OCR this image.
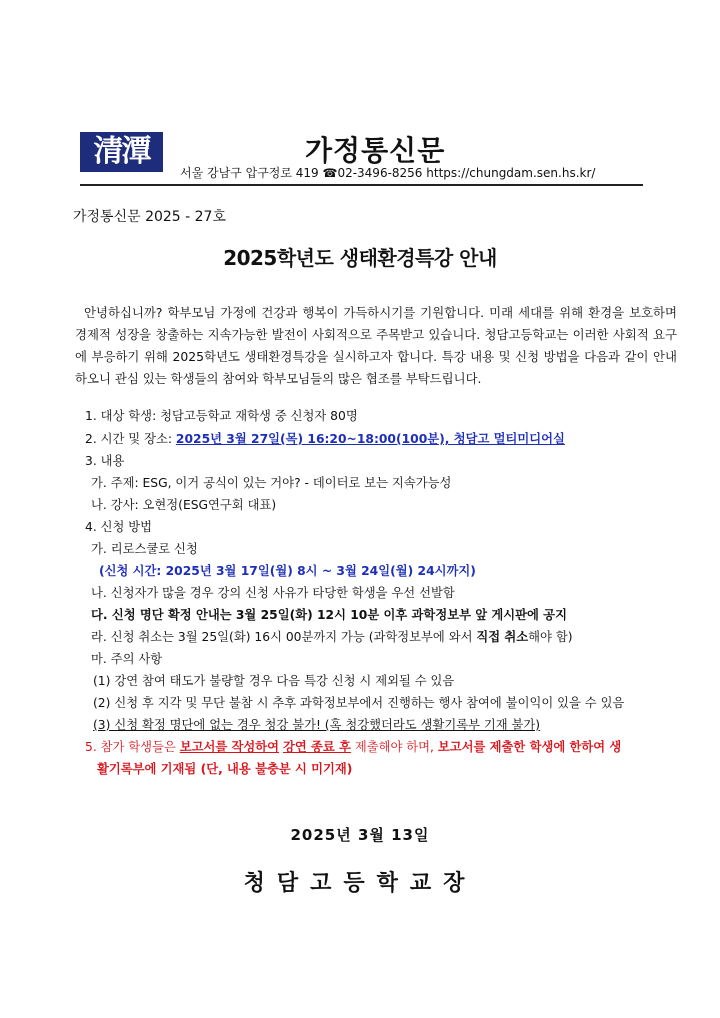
清潭	가정통신문
서울 강남구 압구정로 419 ☎02-3496-8256 https://chungdam.sen.hs.kr/
가정통신문 2025 - 27호
2025학년도 생태환경특강 안내
안녕하십니까? 학부모님 가정에 건강과 행복이 가득하시기를 기원합니다. 미래 세대를 위해 환경을 보호하며 경제적 성장을 창출하는 지속가능한 발전이 사회적으로 주목받고 있습니다. 청담고등학교는 이러한 사회적 요구에 부응하기 위해 2025학년도 생태환경특강을 실시하고자 합니다. 특강 내용 및 신청 방법을 다음과 같이 안내하오니 관심 있는 학생들의 참여와 학부모님들의 많은 협조를 부탁드립니다.
1. 대상 학생: 청담고등학교 재학생 중 신청자 80명
2. 시간 및 장소: 2025년 3월 27일(목) 16:20~18:00(100분), 청담고 멀티미디어실
3. 내용
가. 주제: ESG, 이거 공식이 있는 거야? - 데이터로 보는 지속가능성
나. 강사: 오현정(ESG연구회 대표)
4. 신청 방법
가. 리로스쿨로 신청
(신청 시간: 2025년 3월 17일(월) 8시 ~ 3월 24일(월) 24시까지)
나. 신청자가 많을 경우 강의 신청 사유가 타당한 학생을 우선 선발함
다. 신청 명단 확정 안내는 3월 25일(화) 12시 10분 이후 과학정보부 앞 게시판에 공지
라. 신청 취소는 3월 25일(화) 16시 00분까지 가능 (과학정보부에 와서 직접 취소해야 함)
마. 주의 사항
(1) 강연 참여 태도가 불량할 경우 다음 특강 신청 시 제외될 수 있음
(2) 신청 후 지각 및 무단 불참 시 추후 과학정보부에서 진행하는 행사 참여에 불이익이 있을 수 있음
(3) 신청 확정 명단에 없는 경우 청강 불가! (혹 청강했더라도 생활기록부 기재 불가)
5. 참가 학생들은 보고서를 작성하여 강연 종료 후 제출해야 하며, 보고서를 제출한 학생에 한하여 생
활기록부에 기재됨 (단, 내용 불충분 시 미기재)
2025년 3월 13일
청담고등학교장
